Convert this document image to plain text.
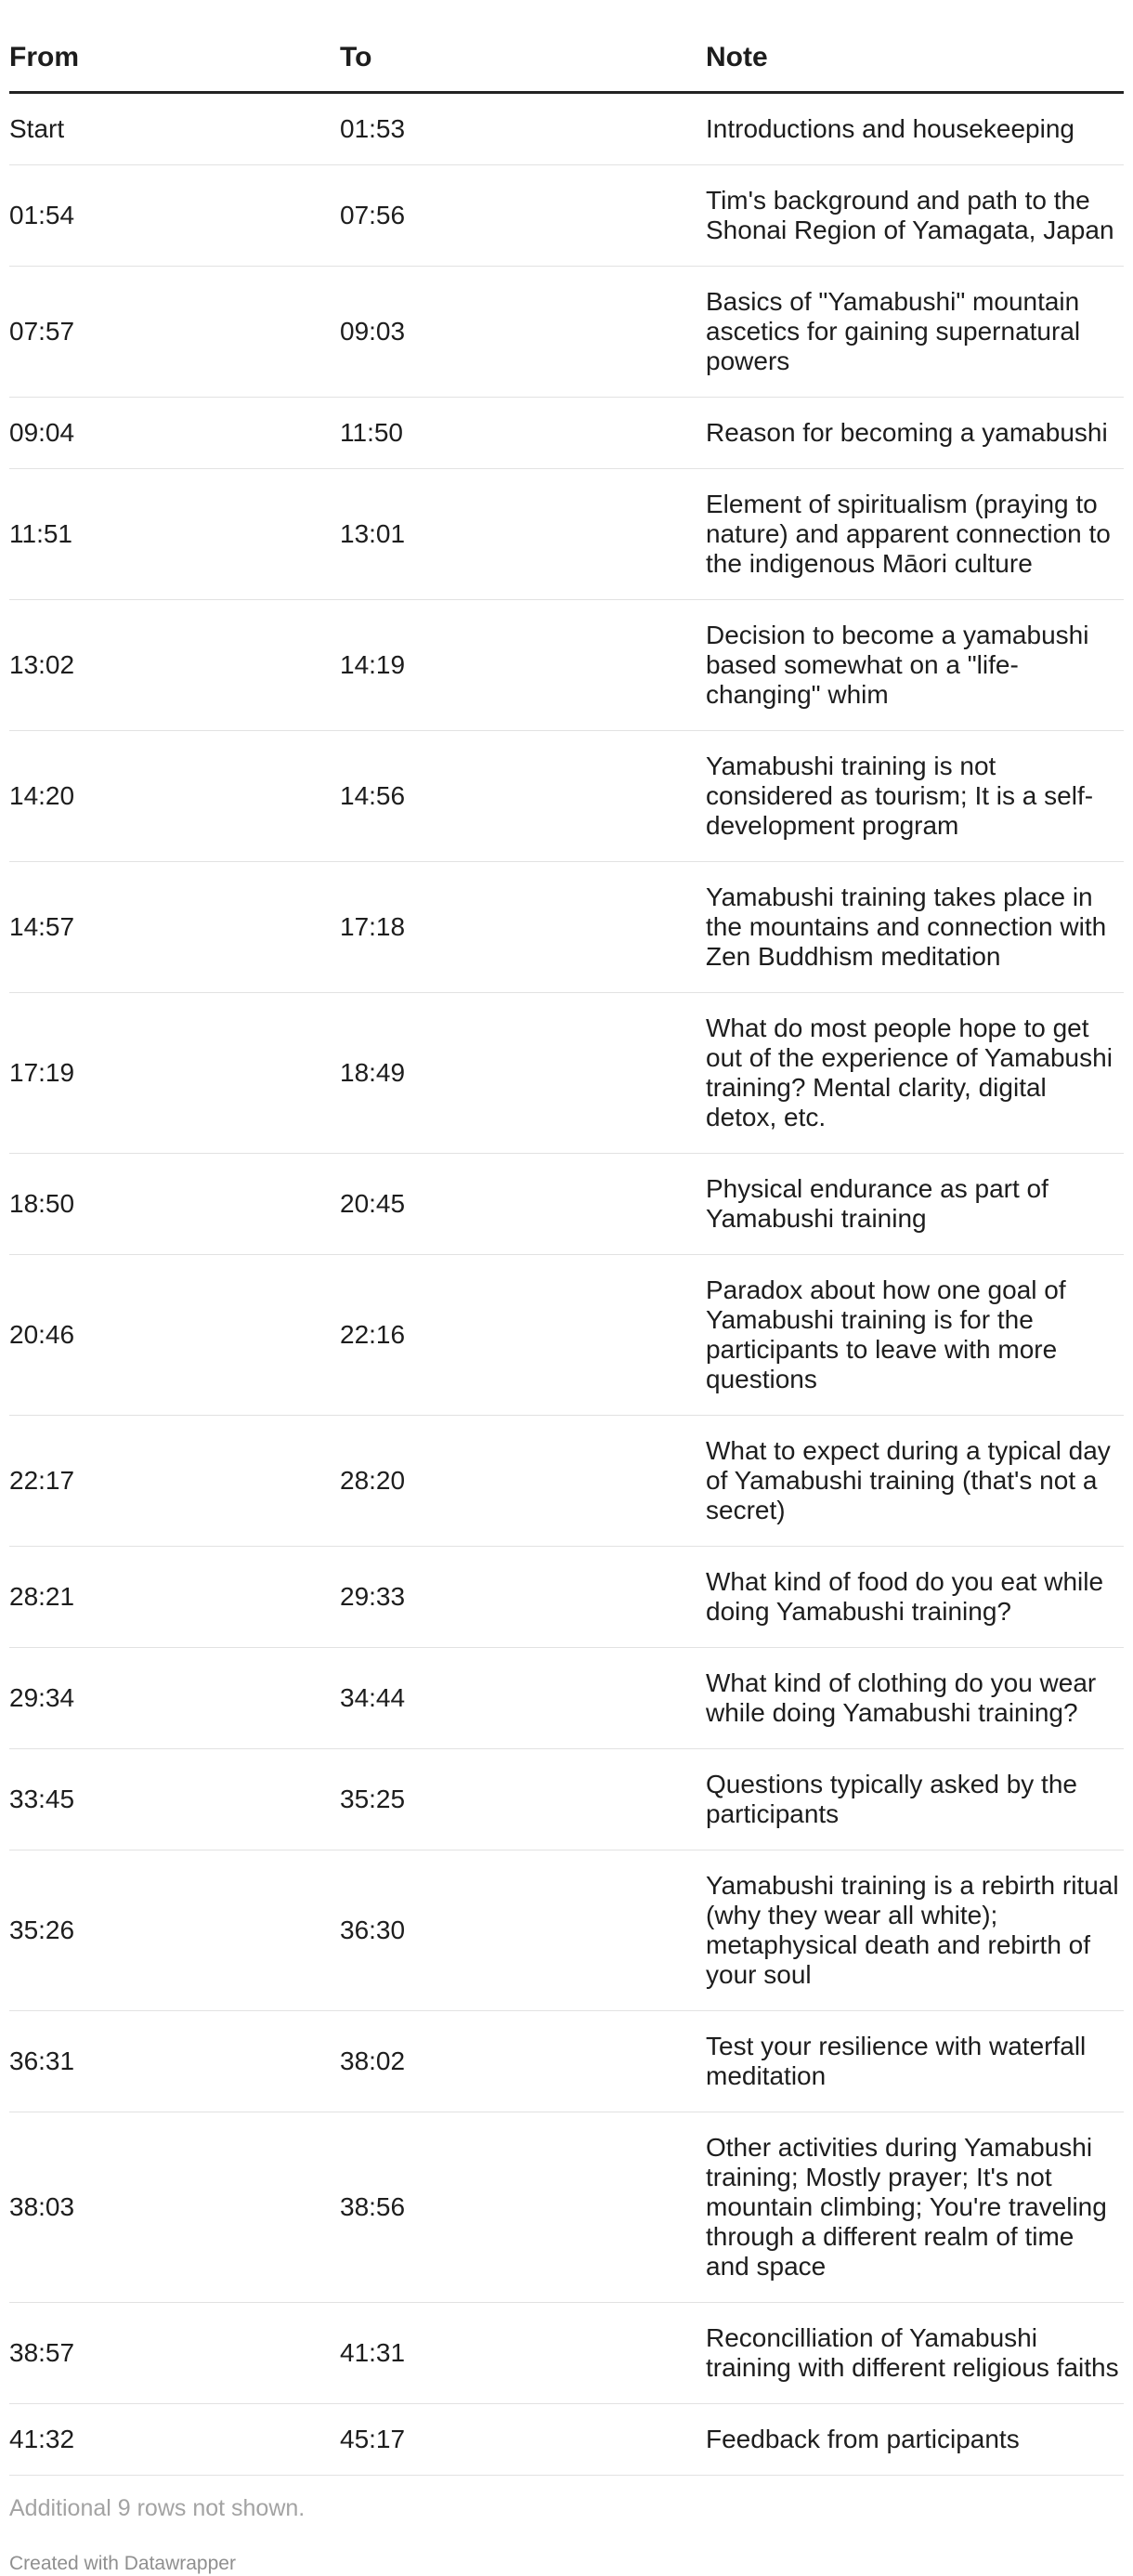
From	To	Note
Start	01:53	Introductions and housekeeping
01:54	07:56	Tim's background and path to the Shonai Region of Yamagata, Japan
07:57	09:03	Basics of "Yamabushi" mountain ascetics for gaining supernatural powers
09:04	11:50	Reason for becoming a yamabushi
11:51	13:01	Element of spiritualism (praying to nature) and apparent connection to the indigenous Māori culture
13:02	14:19	Decision to become a yamabushi based somewhat on a "life-changing" whim
14:20	14:56	Yamabushi training is not considered as tourism; It is a self-development program
14:57	17:18	Yamabushi training takes place in the mountains and connection with Zen Buddhism meditation
17:19	18:49	What do most people hope to get out of the experience of Yamabushi training? Mental clarity, digital detox, etc.
18:50	20:45	Physical endurance as part of Yamabushi training
20:46	22:16	Paradox about how one goal of Yamabushi training is for the participants to leave with more questions
22:17	28:20	What to expect during a typical day of Yamabushi training (that's not a secret)
28:21	29:33	What kind of food do you eat while doing Yamabushi training?
29:34	34:44	What kind of clothing do you wear while doing Yamabushi training?
33:45	35:25	Questions typically asked by the participants
35:26	36:30	Yamabushi training is a rebirth ritual (why they wear all white); metaphysical death and rebirth of your soul
36:31	38:02	Test your resilience with waterfall meditation
38:03	38:56	Other activities during Yamabushi training; Mostly prayer; It's not mountain climbing; You're traveling through a different realm of time and space
38:57	41:31	Reconcilliation of Yamabushi training with different religious faiths
41:32	45:17	Feedback from participants
Additional 9 rows not shown.
Created with Datawrapper
